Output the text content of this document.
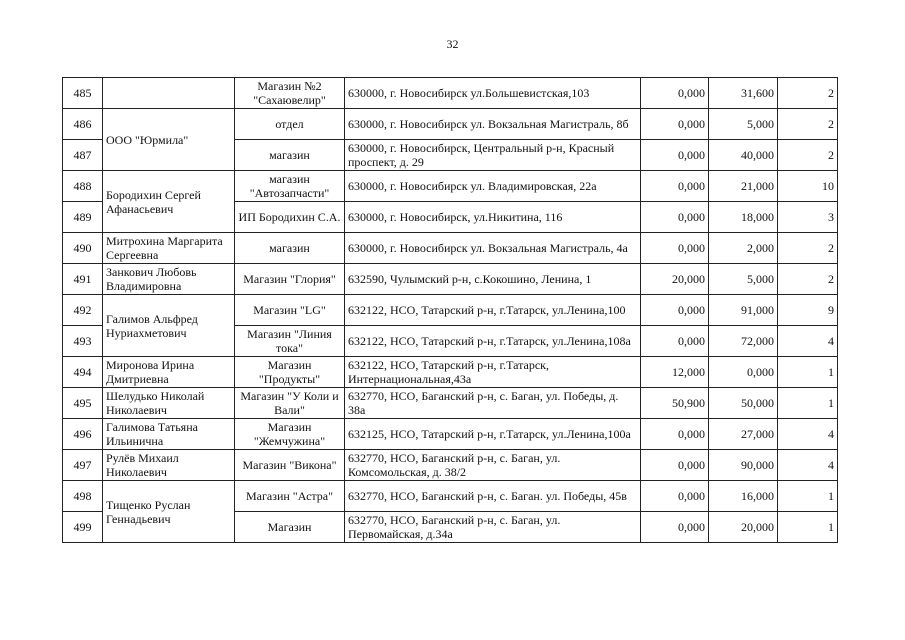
32
485		Магазин №2 "Сахаювелир"	630000, г. Новосибирск ул.Большевистская,103	0,000	31,600	2
486	ООО "Юрмила"	отдел	630000, г. Новосибирск ул. Вокзальная Магистраль, 8б	0,000	5,000	2
487		магазин	630000, г. Новосибирск, Центральный р-н, Красный проспект, д. 29	0,000	40,000	2
488	Бородихин Сергей Афанасьевич	магазин "Автозапчасти"	630000, г. Новосибирск ул. Владимировская, 22а	0,000	21,000	10
489		ИП Бородихин С.А.	630000, г. Новосибирск, ул.Никитина, 116	0,000	18,000	3
490	Митрохина Маргарита Сергеевна	магазин	630000, г. Новосибирск ул. Вокзальная Магистраль, 4а	0,000	2,000	2
491	Занкович Любовь Владимировна	Магазин "Глория"	632590, Чулымский р-н, с.Кокошино, Ленина, 1	20,000	5,000	2
492	Галимов Альфред Нуриахметович	Магазин "LG"	632122, НСО, Татарский р-н, г.Татарск, ул.Ленина,100	0,000	91,000	9
493		Магазин "Линия тока"	632122, НСО, Татарский р-н, г.Татарск, ул.Ленина,108а	0,000	72,000	4
494	Миронова Ирина Дмитриевна	Магазин "Продукты"	632122, НСО, Татарский р-н, г.Татарск, Интернациональная,43а	12,000	0,000	1
495	Шелудько Николай Николаевич	Магазин "У Коли и Вали"	632770, НСО, Баганский р-н, с. Баган, ул. Победы, д. 38а	50,900	50,000	1
496	Галимова Татьяна Ильинична	Магазин "Жемчужина"	632125, НСО, Татарский р-н, г.Татарск, ул.Ленина,100а	0,000	27,000	4
497	Рулёв Михаил Николаевич	Магазин "Викона"	632770, НСО, Баганский р-н, с. Баган, ул. Комсомольская, д. 38/2	0,000	90,000	4
498	Тищенко Руслан Геннадьевич	Магазин "Астра"	632770, НСО, Баганский р-н, с. Баган. ул. Победы, 45в	0,000	16,000	1
499		Магазин	632770, НСО, Баганский р-н, с. Баган, ул. Первомайская, д.34а	0,000	20,000	1
